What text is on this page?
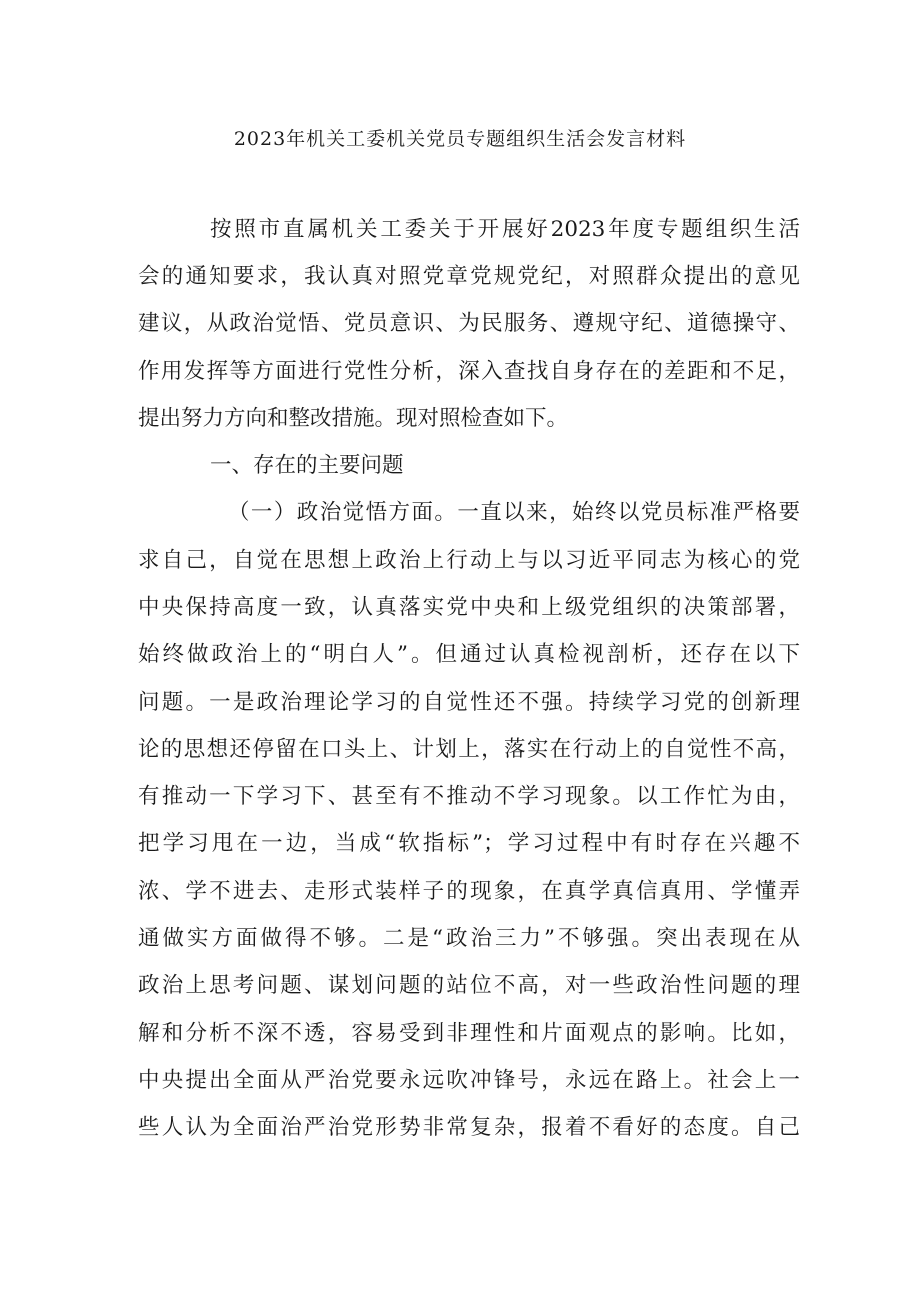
2023年机关工委机关党员专题组织生活会发言材料
按照市直属机关工委关于开展好2023年度专题组织生活
会的通知要求，我认真对照党章党规党纪，对照群众提出的意见
建议，从政治觉悟、党员意识、为民服务、遵规守纪、道德操守、
作用发挥等方面进行党性分析，深入查找自身存在的差距和不足，
提出努力方向和整改措施。现对照检查如下。
一、存在的主要问题
（一）政治觉悟方面。一直以来，始终以党员标准严格要
求自己，自觉在思想上政治上行动上与以习近平同志为核心的党
中央保持高度一致，认真落实党中央和上级党组织的决策部署，
始终做政治上的“明白人”。但通过认真检视剖析，还存在以下
问题。一是政治理论学习的自觉性还不强。持续学习党的创新理
论的思想还停留在口头上、计划上，落实在行动上的自觉性不高，
有推动一下学习下、甚至有不推动不学习现象。以工作忙为由，
把学习甩在一边，当成“软指标”；学习过程中有时存在兴趣不
浓、学不进去、走形式装样子的现象，在真学真信真用、学懂弄
通做实方面做得不够。二是“政治三力”不够强。突出表现在从
政治上思考问题、谋划问题的站位不高，对一些政治性问题的理
解和分析不深不透，容易受到非理性和片面观点的影响。比如，
中央提出全面从严治党要永远吹冲锋号，永远在路上。社会上一
些人认为全面治严治党形势非常复杂，报着不看好的态度。自己
